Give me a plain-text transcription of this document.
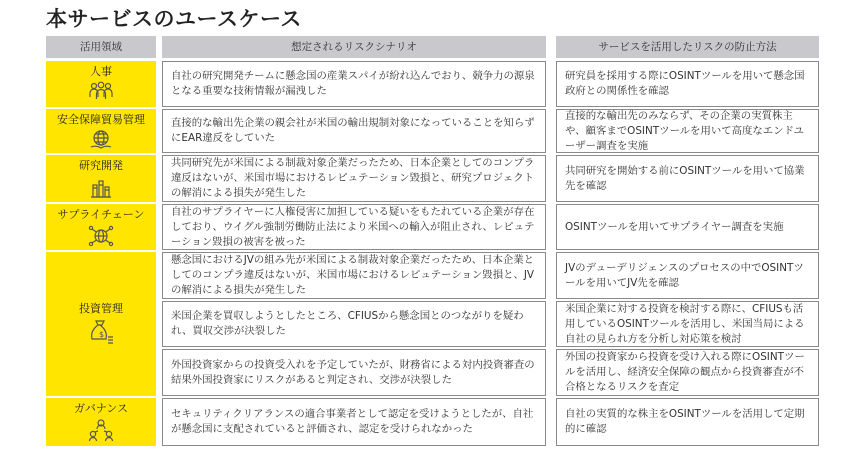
本サービスのユースケース
活用領域	想定されるリスクシナリオ	サービスを活用したリスクの防止方法
人事
安全保障貿易管理
研究開発
サプライチェーン
投資管理
$
ガバナンス
自社の研究開発チームに懸念国の産業スパイが紛れ込んでおり、競争力の源泉となる重要な技術情報が漏洩した
直接的な輸出先企業の親会社が米国の輸出規制対象になっていることを知らずにEAR違反をしていた
共同研究先が米国による制裁対象企業だったため、日本企業としてのコンプラ違反はないが、米国市場におけるレピュテーション毀損と、研究プロジェクトの解消による損失が発生した
自社のサプライヤーに人権侵害に加担している疑いをもたれている企業が存在しており、ウイグル強制労働防止法により米国への輸入が阻止され、レピュテーション毀損の被害を被った
懸念国におけるJVの組み先が米国による制裁対象企業だったため、日本企業としてのコンプラ違反はないが、米国市場におけるレピュテーション毀損と、JVの解消による損失が発生した
米国企業を買収しようとしたところ、CFIUSから懸念国とのつながりを疑われ、買収交渉が決裂した
外国投資家からの投資受入れを予定していたが、財務省による対内投資審査の結果外国投資家にリスクがあると判定され、交渉が決裂した
セキュリティクリアランスの適合事業者として認定を受けようとしたが、自社が懸念国に支配されていると評価され、認定を受けられなかった
研究員を採用する際にOSINTツールを用いて懸念国政府との関係性を確認
直接的な輸出先のみならず、その企業の実質株主や、顧客までOSINTツールを用いて高度なエンドユーザー調査を実施
共同研究を開始する前にOSINTツールを用いて協業先を確認
OSINTツールを用いてサプライヤー調査を実施
JVのデューデリジェンスのプロセスの中でOSINTツールを用いてJV先を確認
米国企業に対する投資を検討する際に、CFIUSも活用しているOSINTツールを活用し、米国当局による自社の見られ方を分析し対応策を検討
外国の投資家から投資を受け入れる際にOSINTツールを活用し、経済安全保障の観点から投資審査が不合格となるリスクを査定
自社の実質的な株主をOSINTツールを活用して定期的に確認
